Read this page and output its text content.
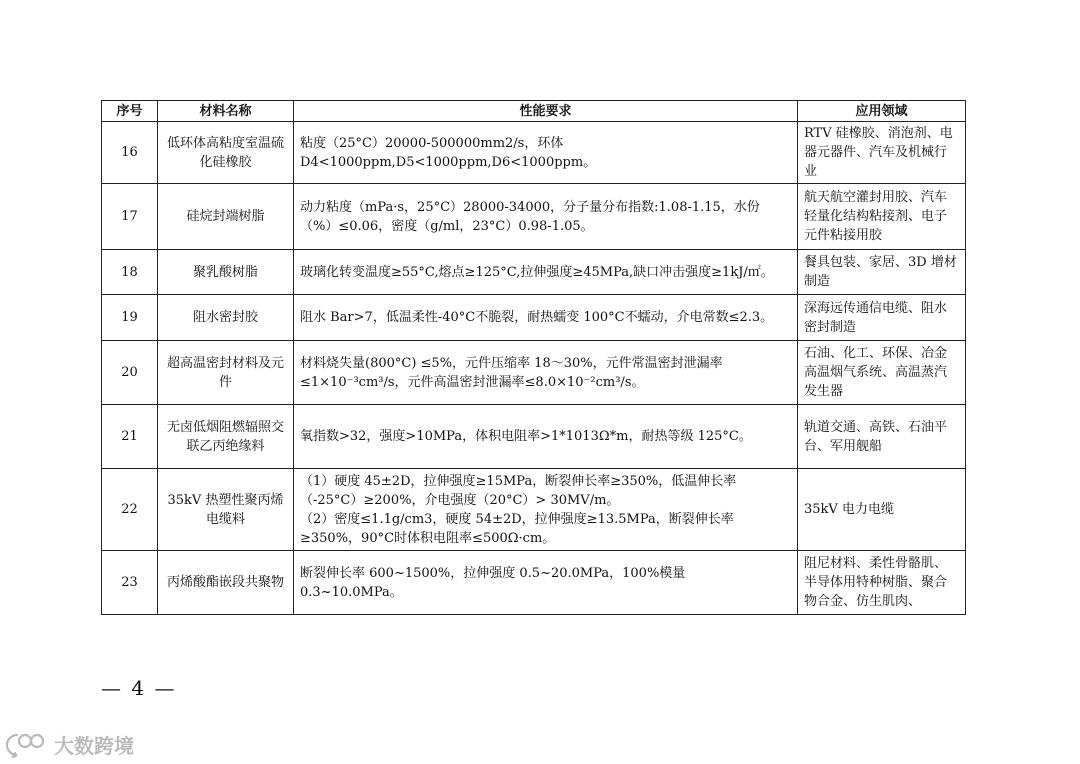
序号	材料名称	性能要求	应用领域
16	低环体高粘度室温硫化硅橡胶	粘度（25°C）20000-500000mm2/s，环体
D4<1000ppm,D5<1000ppm,D6<1000ppm。	RTV 硅橡胶、消泡剂、电器元器件、汽车及机械行业
17	硅烷封端树脂	动力粘度（mPa·s，25°C）28000-34000，分子量分布指数:1.08-1.15，水份（%）≤0.06，密度（g/ml，23°C）0.98-1.05。	航天航空灌封用胶、汽车轻量化结构粘接剂、电子元件粘接用胶
18	聚乳酸树脂	玻璃化转变温度≥55°C,熔点≥125°C,拉伸强度≥45MPa,缺口冲击强度≥1kJ/㎡。	餐具包装、家居、3D 增材制造
19	阻水密封胶	阻水 Bar>7，低温柔性-40°C不脆裂，耐热蠕变 100°C不蠕动，介电常数≤2.3。	深海远传通信电缆、阻水密封制造
20	超高温密封材料及元件	材料烧失量(800°C) ≤5%，元件压缩率 18～30%，元件常温密封泄漏率
≤1×10⁻³cm³/s，元件高温密封泄漏率≤8.0×10⁻²cm³/s。	石油、化工、环保、冶金高温烟气系统、高温蒸汽发生器
21	无卤低烟阻燃辐照交联乙丙绝缘料	氧指数>32，强度>10MPa，体积电阻率>1*1013Ω*m，耐热等级 125°C。	轨道交通、高铁、石油平台、军用舰船
22	35kV 热塑性聚丙烯电缆料	（1）硬度 45±2D，拉伸强度≥15MPa，断裂伸长率≥350%，低温伸长率（-25°C）≥200%，介电强度（20°C）> 30MV/m。
（2）密度≤1.1g/cm3，硬度 54±2D，拉伸强度≥13.5MPa，断裂伸长率≥350%，90°C时体积电阻率≤500Ω·cm。	35kV 电力电缆
23	丙烯酸酯嵌段共聚物	断裂伸长率 600~1500%，拉伸强度 0.5~20.0MPa，100%模量 0.3~10.0MPa。	阻尼材料、柔性骨骼肌、半导体用特种树脂、聚合物合金、仿生肌肉、
— 4 —
大数跨境
